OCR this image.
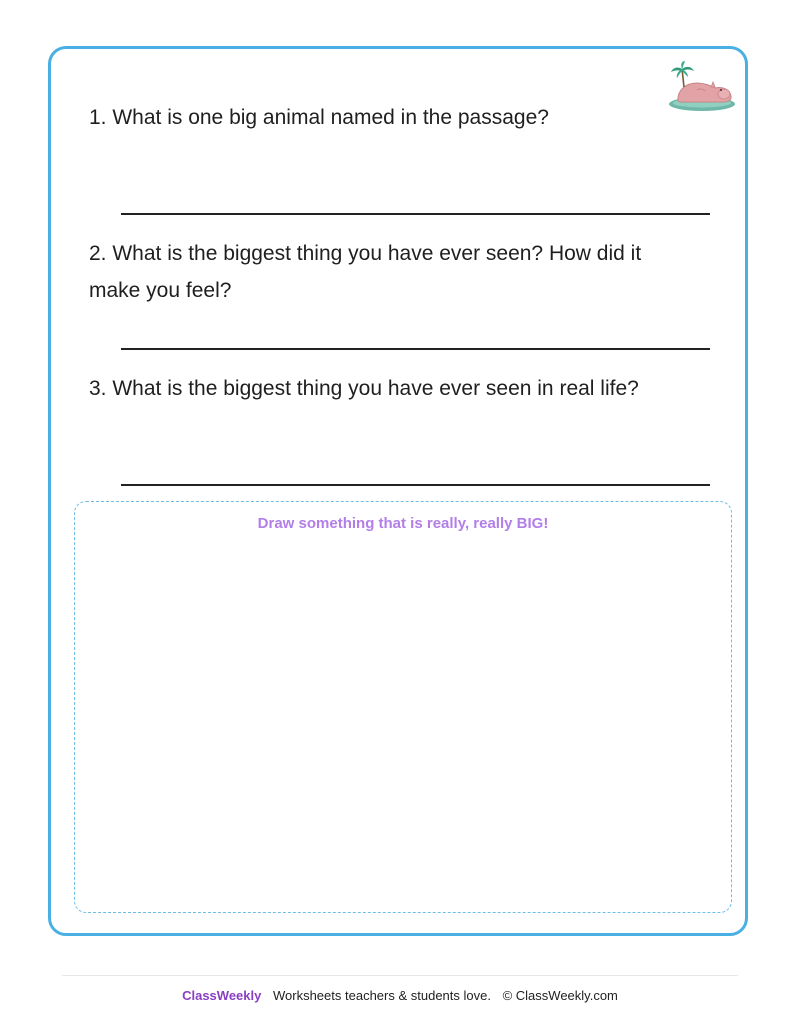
1. What is one big animal named in the passage?
2. What is the biggest thing you have ever seen? How did it make you feel?
3. What is the biggest thing you have ever seen in real life?
Draw something that is really, really BIG!
ClassWeekly Worksheets teachers & students love. © ClassWeekly.com
